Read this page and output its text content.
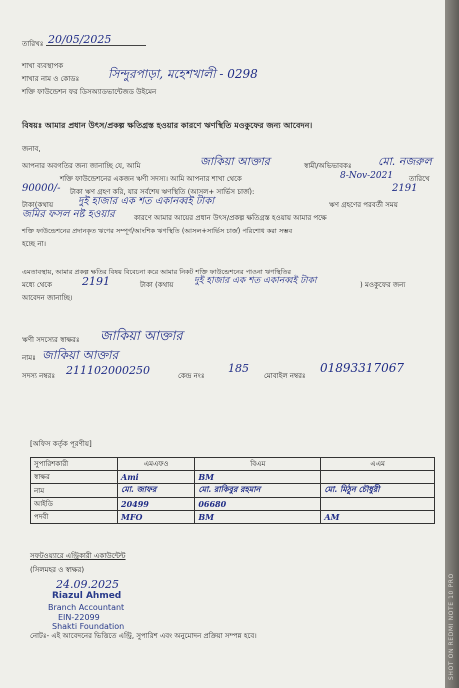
SHOT ON REDMI NOTE 10 PRO
তারিখঃ 20/05/2025
শাখা ব্যবস্থাপক
শাখার নাম ও কোডঃ সিন্দুরপাড়া, মহেশখালী - 0298
শক্তি ফাউন্ডেশন ফর ডিসঅ্যাডভান্টেজড উইমেন
বিষয়ঃ আমার প্রধান উৎস/প্রকল্প ক্ষতিগ্রস্ত হওয়ার কারণে ঋণস্থিতি মওকুফের জন্য আবেদন।
জনাব,
আপনার অবগতির জন্য জানাচ্ছি যে, আমি	জাকিয়া আক্তার	স্বামী/অভিভাবকঃ মো. নজরুল
শক্তি ফাউন্ডেশনের একজন ঋণী সদস্য। আমি আপনার শাখা থেকে	8-Nov-2021 তারিখে
90000/- টাকা ঋণ গ্রহণ করি, যার সর্বশেষ ঋণস্থিতি (আসল+ সার্ভিস চার্জ):	2191
টাকা(কথায় দুই হাজার এক শত একানব্বই টাকা	ঋণ গ্রহণের পরবর্তী সময়
জমির ফসল নষ্ট হওয়ার	কারণে আমার আয়ের প্রধান উৎস/প্রকল্প ক্ষতিগ্রস্ত হওয়ায় আমার পক্ষে
শক্তি ফাউন্ডেশনের প্রদানকৃত ঋণের সম্পূর্ণ/আংশিক ঋণস্থিতি (আসল+সার্ভিস চার্জ) পরিশোধ করা সম্ভব
হচ্ছে না।
এমতাবস্থায়, আমার প্রকল্প ক্ষতির বিষয় বিবেচনা করে আমার নিকট শক্তি ফাউন্ডেশনের পাওনা ঋণস্থিতির
মধ্যে থেকে	2191	টাকা (কথায় দুই হাজার এক শত একানব্বই টাকা	) মওকুফের জন্য
আবেদন জানাচ্ছি।
ঋণী সদস্যের স্বাক্ষরঃ জাকিয়া আক্তার
নামঃ জাকিয়া আক্তার
সদস্য নম্বরঃ 211102000250	কেন্দ্র নংঃ
185
মোবাইল নম্বরঃ
01893317067
[অফিস কর্তৃক পূরণীয়]
সুপারিশকারী	এমএফও	বিএম	এএম
স্বাক্ষর	Ami	BM	
নাম	মো. জাফর	মো. রাকিবুর রহমান	মো. মিঠুন চৌধুরী
আইডি	20499	06680	
পদবী	MFO	BM	AM
সফটওয়্যারে এন্ট্রিকারী একাউন্টেন্ট
(সিলমহর ও স্বাক্ষর)
24.09.2025
Riazul Ahmed
Branch Accountant
EIN-22099
Shakti Foundation
নোটঃ- এই আবেদনের ভিত্তিতে এন্ট্রি, সুপারিশ এবং অনুমোদন প্রক্রিয়া সম্পন্ন হবে।
